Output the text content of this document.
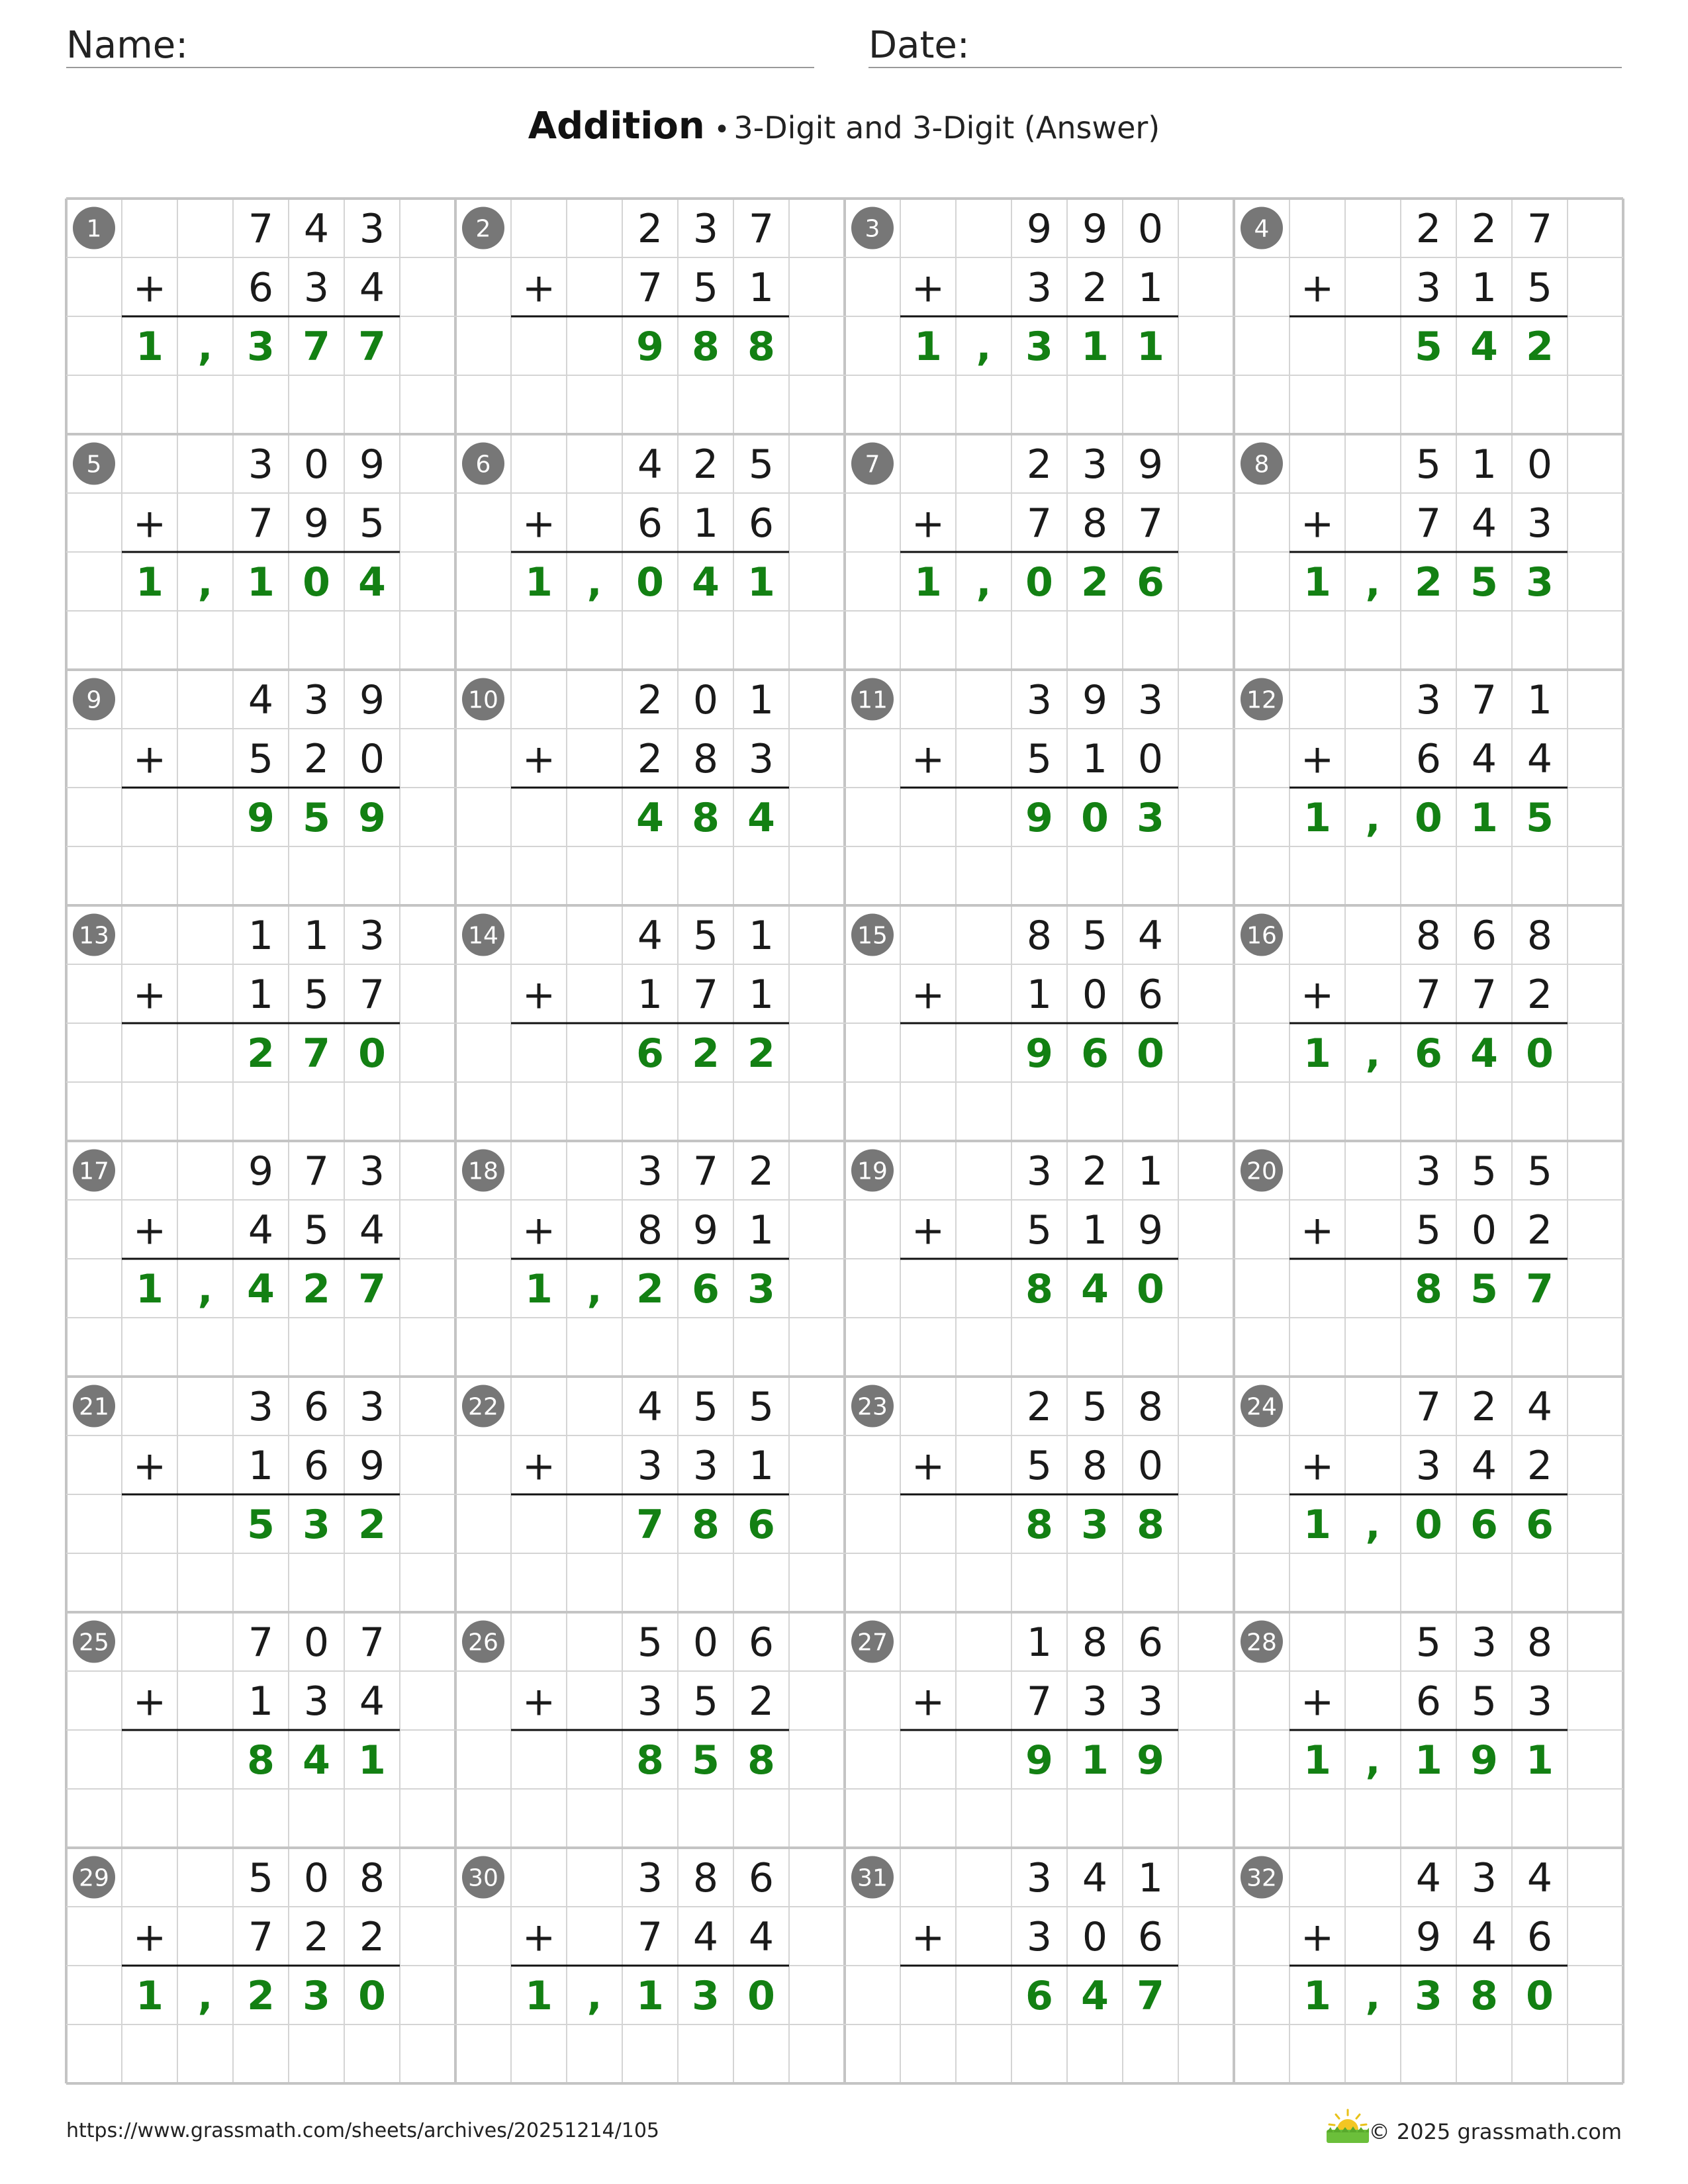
Name:	Date:
Addition • 3-Digit and 3-Digit (Answer)
1	7 4 3
+ 6 3 4
1 , 3 7 7
2	2 3 7
+ 7 5 1
9 8 8
3	9 9 0
+ 3 2 1
1 , 3 1 1
4	2 2 7
+ 3 1 5
5 4 2
5	3 0 9
+ 7 9 5
1 , 1 0 4
6	4 2 5
+ 6 1 6
1 , 0 4 1
7	2 3 9
+ 7 8 7
1 , 0 2 6
8	5 1 0
+ 7 4 3
1 , 2 5 3
9	4 3 9
+ 5 2 0
9 5 9
10	2 0 1
+ 2 8 3
4 8 4
11	3 9 3
+ 5 1 0
9 0 3
12	3 7 1
+ 6 4 4
1 , 0 1 5
13	1 1 3
+ 1 5 7
2 7 0
14	4 5 1
+ 1 7 1
6 2 2
15	8 5 4
+ 1 0 6
9 6 0
16	8 6 8
+ 7 7 2
1 , 6 4 0
17	9 7 3
+ 4 5 4
1 , 4 2 7
18	3 7 2
+ 8 9 1
1 , 2 6 3
19	3 2 1
+ 5 1 9
8 4 0
20	3 5 5
+ 5 0 2
8 5 7
21	3 6 3
+ 1 6 9
5 3 2
22	4 5 5
+ 3 3 1
7 8 6
23	2 5 8
+ 5 8 0
8 3 8
24	7 2 4
+ 3 4 2
1 , 0 6 6
25	7 0 7
+ 1 3 4
8 4 1
26	5 0 6
+ 3 5 2
8 5 8
27	1 8 6
+ 7 3 3
9 1 9
28	5 3 8
+ 6 5 3
1 , 1 9 1
29	5 0 8
+ 7 2 2
1 , 2 3 0
30	3 8 6
+ 7 4 4
1 , 1 3 0
31	3 4 1
+ 3 0 6
6 4 7
32	4 3 4
+ 9 4 6
1 , 3 8 0
https://www.grassmath.com/sheets/archives/20251214/105	© 2025 grassmath.com
